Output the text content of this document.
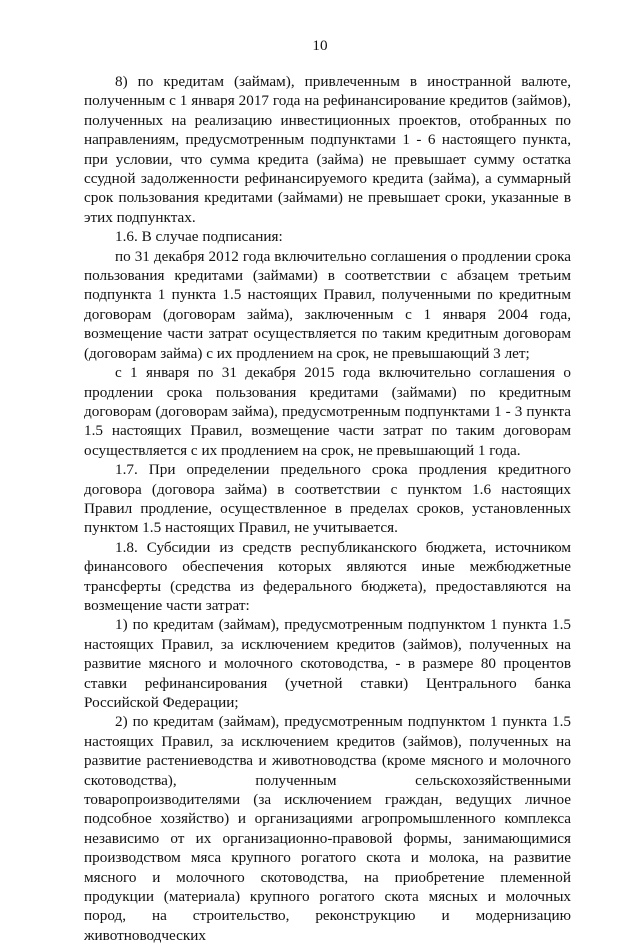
10

8) по кредитам (займам), привлеченным в иностранной валюте, полученным с 1 января 2017 года на рефинансирование кредитов (займов), полученных на реализацию инвестиционных проектов, отобранных по направлениям, предусмотренным подпунктами 1 - 6 настоящего пункта, при условии, что сумма кредита (займа) не превышает сумму остатка ссудной задолженности рефинансируемого кредита (займа), а суммарный срок пользования кредитами (займами) не превышает сроки, указанные в этих подпунктах.

1.6. В случае подписания:

по 31 декабря 2012 года включительно соглашения о продлении срока пользования кредитами (займами) в соответствии с абзацем третьим подпункта 1 пункта 1.5 настоящих Правил, полученными по кредитным договорам (договорам займа), заключенным с 1 января 2004 года, возмещение части затрат осуществляется по таким кредитным договорам (договорам займа) с их продлением на срок, не превышающий 3 лет;

с 1 января по 31 декабря 2015 года включительно соглашения о продлении срока пользования кредитами (займами) по кредитным договорам (договорам займа), предусмотренным подпунктами 1 - 3 пункта 1.5 настоящих Правил, возмещение части затрат по таким договорам осуществляется с их продлением на срок, не превышающий 1 года.

1.7. При определении предельного срока продления кредитного договора (договора займа) в соответствии с пунктом 1.6 настоящих Правил продление, осуществленное в пределах сроков, установленных пунктом 1.5 настоящих Правил, не учитывается.

1.8. Субсидии из средств республиканского бюджета, источником финансового обеспечения которых являются иные межбюджетные трансферты (средства из федерального бюджета), предоставляются на возмещение части затрат:

1) по кредитам (займам), предусмотренным подпунктом 1 пункта 1.5 настоящих Правил, за исключением кредитов (займов), полученных на развитие мясного и молочного скотоводства, - в размере 80 процентов ставки рефинансирования (учетной ставки) Центрального банка Российской Федерации;

2) по кредитам (займам), предусмотренным подпунктом 1 пункта 1.5 настоящих Правил, за исключением кредитов (займов), полученных на развитие растениеводства и животноводства (кроме мясного и молочного скотоводства), полученным сельскохозяйственными товаропроизводителями (за исключением граждан, ведущих личное подсобное хозяйство) и организациями агропромышленного комплекса независимо от их организационно-правовой формы, занимающимися производством мяса крупного рогатого скота и молока, на развитие мясного и молочного скотоводства, на приобретение племенной продукции (материала) крупного рогатого скота мясных и молочных пород, на строительство, реконструкцию и модернизацию животноводческих
